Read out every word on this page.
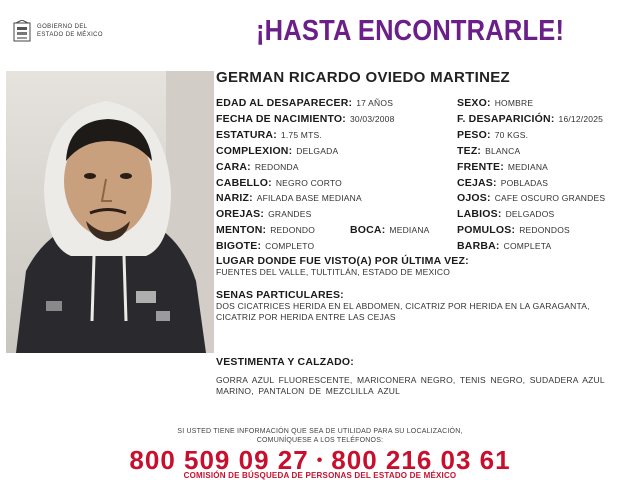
GOBIERNO DEL
ESTADO DE MÉXICO	¡HASTA ENCONTRARLE!
GERMAN RICARDO OVIEDO MARTINEZ
EDAD AL DESAPARECER: 17 AÑOS
FECHA DE NACIMIENTO: 30/03/2008
ESTATURA: 1.75 MTS.
COMPLEXION: DELGADA
CARA: REDONDA
CABELLO: NEGRO CORTO
NARIZ: AFILADA BASE MEDIANA
OREJAS: GRANDES
MENTON: REDONDO	BOCA: MEDIANA
BIGOTE: COMPLETO
SEXO: HOMBRE
F. DESAPARICIÓN: 16/12/2025
PESO: 70 KGS.
TEZ: BLANCA
FRENTE: MEDIANA
CEJAS: POBLADAS
OJOS: CAFE OSCURO GRANDES
LABIOS: DELGADOS
POMULOS: REDONDOS
BARBA: COMPLETA
LUGAR DONDE FUE VISTO(A) POR ÚLTIMA VEZ:
FUENTES DEL VALLE, TULTITLÁN, ESTADO DE MEXICO
SENAS PARTICULARES:
DOS CICATRICES HERIDA EN EL ABDOMEN, CICATRIZ POR HERIDA EN LA GARAGANTA, CICATRIZ POR HERIDA ENTRE LAS CEJAS
VESTIMENTA Y CALZADO:
GORRA AZUL FLUORESCENTE, MARICONERA NEGRO, TENIS NEGRO, SUDADERA AZUL MARINO, PANTALON DE MEZCLILLA AZUL
SI USTED TIENE INFORMACIÓN QUE SEA DE UTILIDAD PARA SU LOCALIZACIÓN,
COMUNÍQUESE A LOS TELÉFONOS:
800 509 09 27 • 800 216 03 61
COMISIÓN DE BÚSQUEDA DE PERSONAS DEL ESTADO DE MÉXICO
